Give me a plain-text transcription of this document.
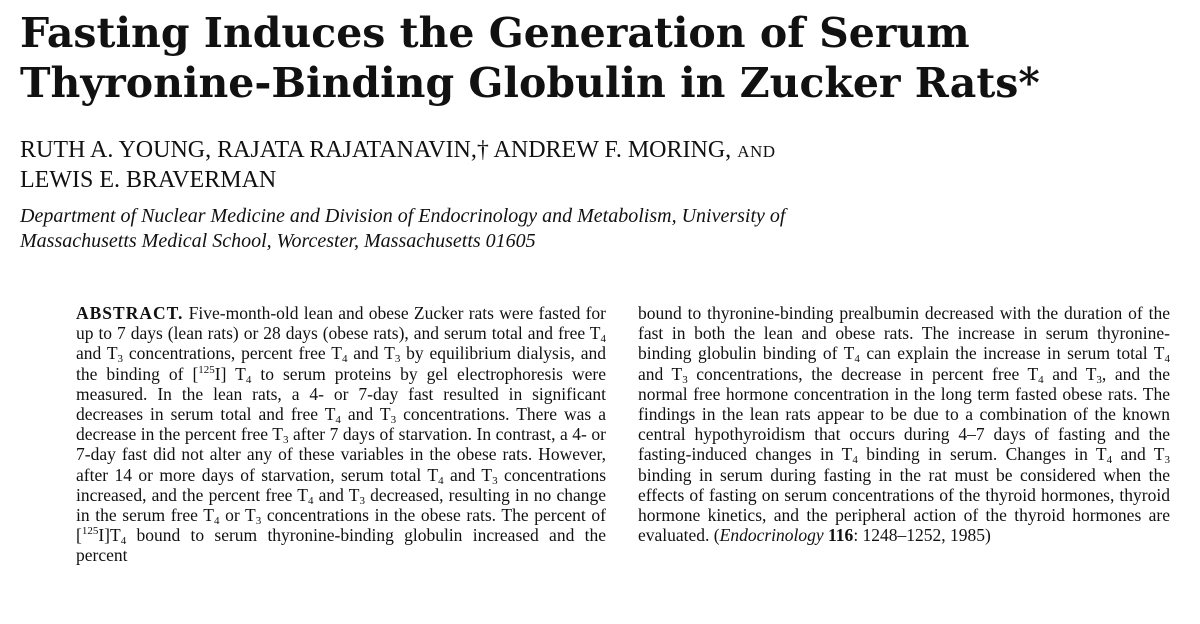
Fasting Induces the Generation of Serum Thyronine-Binding Globulin in Zucker Rats*
RUTH A. YOUNG, RAJATA RAJATANAVIN,† ANDREW F. MORING, AND
LEWIS E. BRAVERMAN
Department of Nuclear Medicine and Division of Endocrinology and Metabolism, University of
Massachusetts Medical School, Worcester, Massachusetts 01605

ABSTRACT. Five-month-old lean and obese Zucker rats were fasted for up to 7 days (lean rats) or 28 days (obese rats), and serum total and free $T_4$ and $T_3$ concentrations, percent free $T_4$ and $T_3$ by equilibrium dialysis, and the binding of [$^{125}$I] $T_4$ to serum proteins by gel electrophoresis were measured. In the lean rats, a 4- or 7-day fast resulted in significant decreases in serum total and free $T_4$ and $T_3$ concentrations. There was a decrease in the percent free $T_3$ after 7 days of starvation. In contrast, a 4- or 7-day fast did not alter any of these variables in the obese rats. However, after 14 or more days of starvation, serum total $T_4$ and $T_3$ concentrations increased, and the percent free $T_4$ and $T_3$ decreased, resulting in no change in the serum free $T_4$ or $T_3$ concentrations in the obese rats. The percent of $[^{125}I]T_4$ bound to serum thyronine-binding globulin increased and the percent

bound to thyronine-binding prealbumin decreased with the duration of the fast in both the lean and obese rats. The increase in serum thyronine-binding globulin binding of $T_4$ can explain the increase in serum total $T_4$ and $T_3$ concentrations, the decrease in percent free $T_4$ and $T_3$, and the normal free hormone concentration in the long term fasted obese rats. The findings in the lean rats appear to be due to a combination of the known central hypothyroidism that occurs during 4–7 days of fasting and the fasting-induced changes in $T_4$ binding in serum. Changes in $T_4$ and $T_3$ binding in serum during fasting in the rat must be considered when the effects of fasting on serum concentrations of the thyroid hormones, thyroid hormone kinetics, and the peripheral action of the thyroid hormones are evaluated. (Endocrinology 116: 1248–1252, 1985)
